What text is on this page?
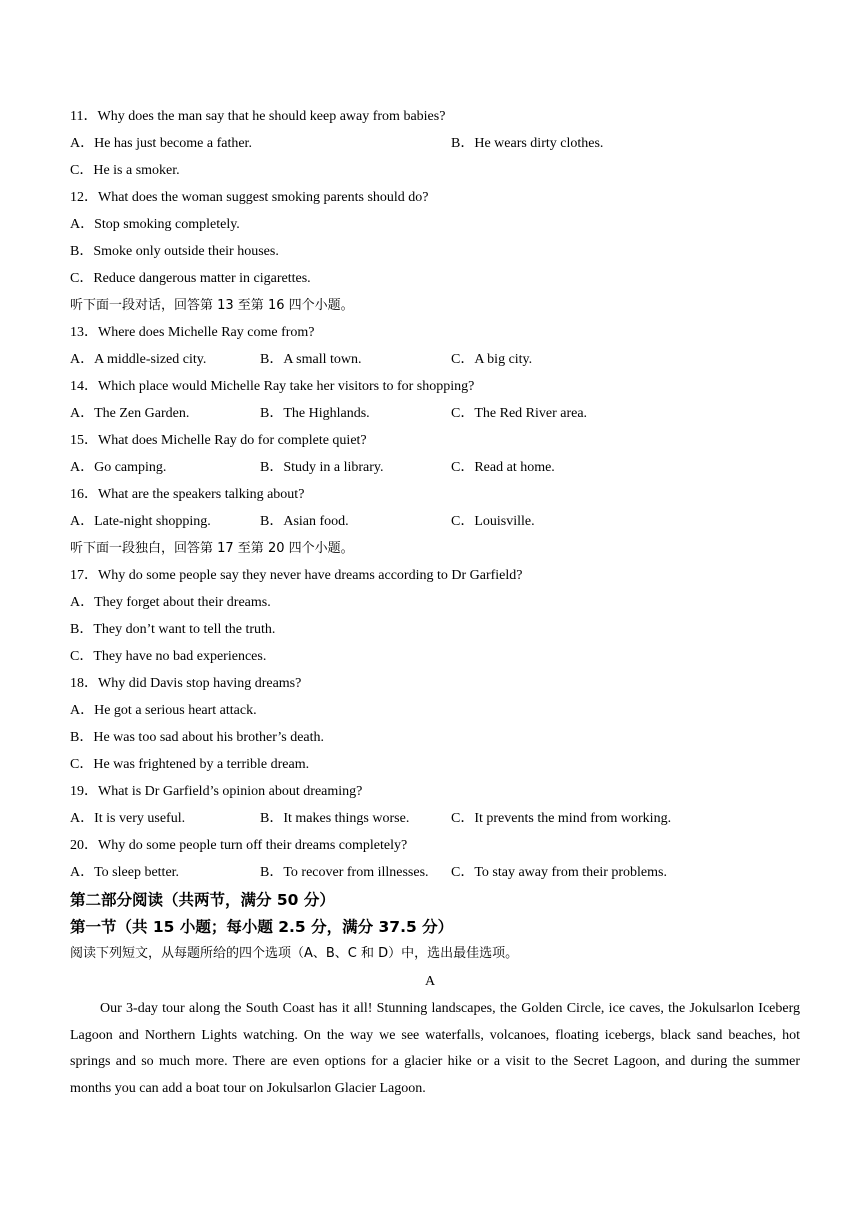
11．Why does the man say that he should keep away from babies?
A．He has just become a father.	B．He wears dirty clothes.
C．He is a smoker.
12．What does the woman suggest smoking parents should do?
A．Stop smoking completely.
B．Smoke only outside their houses.
C．Reduce dangerous matter in cigarettes.
听下面一段对话，回答第 13 至第 16 四个小题。
13．Where does Michelle Ray come from?
A．A middle-sized city.	B．A small town.	C．A big city.
14．Which place would Michelle Ray take her visitors to for shopping?
A．The Zen Garden.	B．The Highlands.	C．The Red River area.
15．What does Michelle Ray do for complete quiet?
A．Go camping.	B．Study in a library.	C．Read at home.
16．What are the speakers talking about?
A．Late-night shopping.	B．Asian food.	C．Louisville.
听下面一段独白，回答第 17 至第 20 四个小题。
17．Why do some people say they never have dreams according to Dr Garfield?
A．They forget about their dreams.
B．They don’t want to tell the truth.
C．They have no bad experiences.
18．Why did Davis stop having dreams?
A．He got a serious heart attack.
B．He was too sad about his brother’s death.
C．He was frightened by a terrible dream.
19．What is Dr Garfield’s opinion about dreaming?
A．It is very useful.	B．It makes things worse.	C．It prevents the mind from working.
20．Why do some people turn off their dreams completely?
A．To sleep better.	B．To recover from illnesses. C．To stay away from their problems.
第二部分阅读（共两节，满分 50 分）
第一节（共 15 小题；每小题 2.5 分，满分 37.5 分）
阅读下列短文，从每题所给的四个选项（A、B、C 和 D）中，选出最佳选项。
A
Our 3-day tour along the South Coast has it all! Stunning landscapes, the Golden Circle, ice caves, the Jokulsarlon Iceberg Lagoon and Northern Lights watching. On the way we see waterfalls, volcanoes, floating icebergs, black sand beaches, hot springs and so much more. There are even options for a glacier hike or a visit to the Secret Lagoon, and during the summer months you can add a boat tour on Jokulsarlon Glacier Lagoon.
